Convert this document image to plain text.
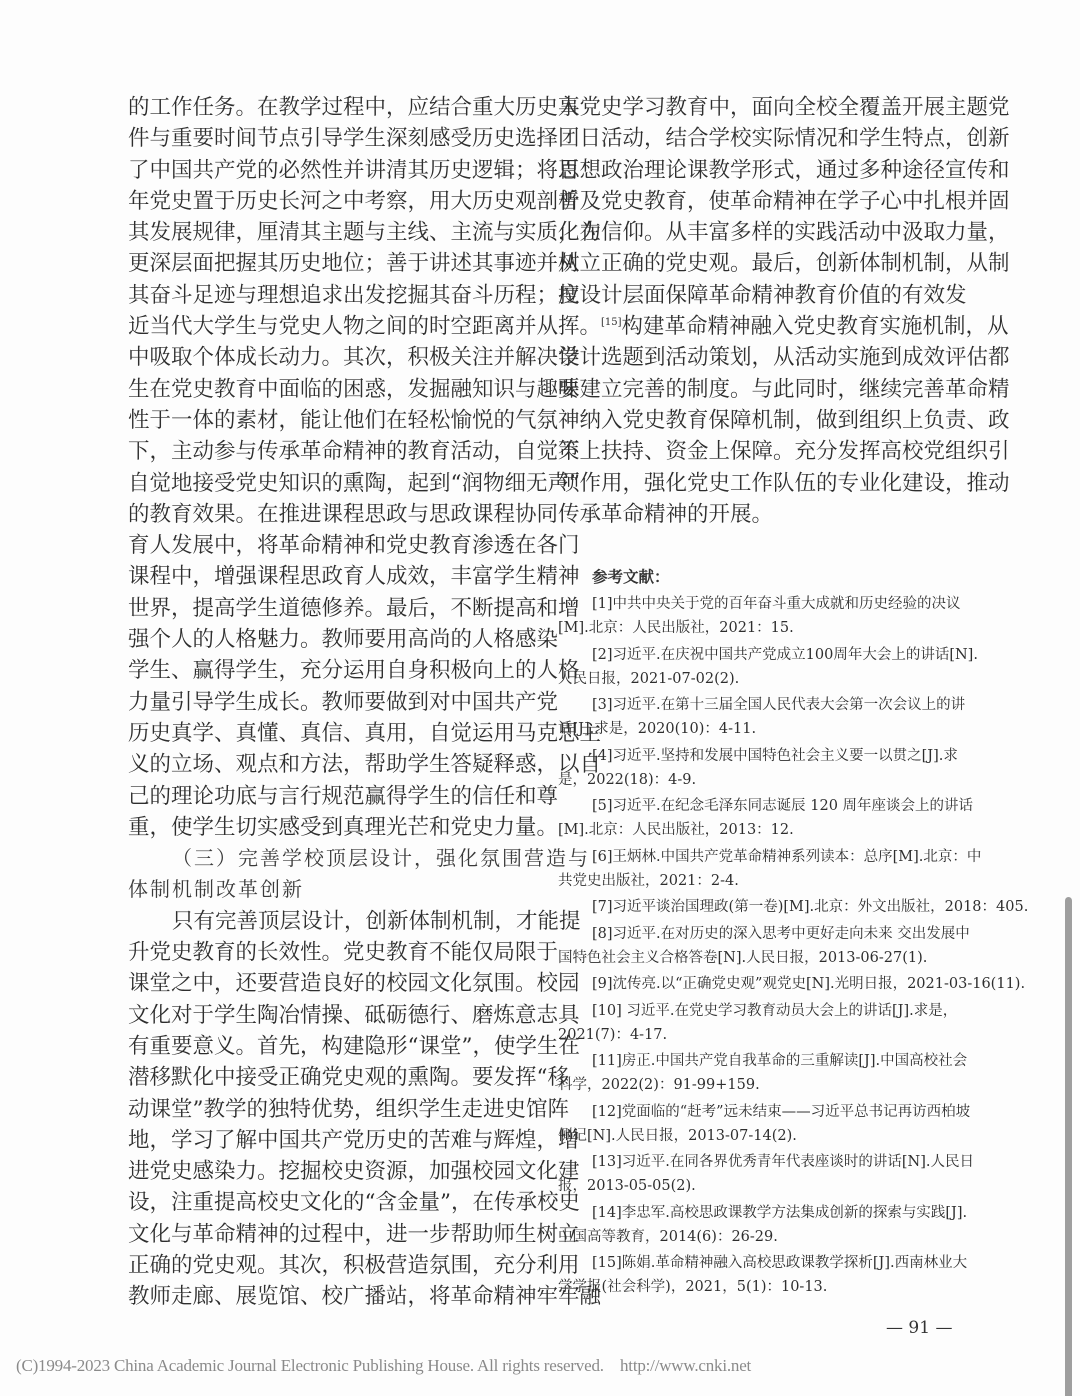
的工作任务。在教学过程中，应结合重大历史事
件与重要时间节点引导学生深刻感受历史选择
了中国共产党的必然性并讲清其历史逻辑；将百
年党史置于历史长河之中考察，用大历史观剖析
其发展规律，厘清其主题与主线、主流与实质，在
更深层面把握其历史地位；善于讲述其事迹并从
其奋斗足迹与理想追求出发挖掘其奋斗历程；拉
近当代大学生与党史人物之间的时空距离并从
中吸取个体成长动力。其次，积极关注并解决学
生在党史教育中面临的困惑，发掘融知识与趣味
性于一体的素材，能让他们在轻松愉悦的气氛
下，主动参与传承革命精神的教育活动，自觉不
自觉地接受党史知识的熏陶，起到“润物细无声”
的教育效果。在推进课程思政与思政课程协同
育人发展中，将革命精神和党史教育渗透在各门
课程中，增强课程思政育人成效，丰富学生精神
世界，提高学生道德修养。最后，不断提高和增
强个人的人格魅力。教师要用高尚的人格感染
学生、赢得学生，充分运用自身积极向上的人格
力量引导学生成长。教师要做到对中国共产党
历史真学、真懂、真信、真用，自觉运用马克思主
义的立场、观点和方法，帮助学生答疑释惑，以自
己的理论功底与言行规范赢得学生的信任和尊
重，使学生切实感受到真理光芒和党史力量。
（三）完善学校顶层设计，强化氛围营造与
体制机制改革创新
只有完善顶层设计，创新体制机制，才能提
升党史教育的长效性。党史教育不能仅局限于
课堂之中，还要营造良好的校园文化氛围。校园
文化对于学生陶冶情操、砥砺德行、磨炼意志具
有重要意义。首先，构建隐形“课堂”，使学生在
潜移默化中接受正确党史观的熏陶。要发挥“移
动课堂”教学的独特优势，组织学生走进史馆阵
地，学习了解中国共产党历史的苦难与辉煌，增
进党史感染力。挖掘校史资源，加强校园文化建
设，注重提高校史文化的“含金量”，在传承校史
文化与革命精神的过程中，进一步帮助师生树立
正确的党史观。其次，积极营造氛围，充分利用
教师走廊、展览馆、校广播站，将革命精神牢牢融
入党史学习教育中，面向全校全覆盖开展主题党
团日活动，结合学校实际情况和学生特点，创新
思想政治理论课教学形式，通过多种途径宣传和
普及党史教育，使革命精神在学子心中扎根并固
化为信仰。从丰富多样的实践活动中汲取力量，
树立正确的党史观。最后，创新体制机制，从制
度设计层面保障革命精神教育价值的有效发
挥。[15]构建革命精神融入党史教育实施机制，从
设计选题到活动策划，从活动实施到成效评估都
要建立完善的制度。与此同时，继续完善革命精
神纳入党史教育保障机制，做到组织上负责、政
策上扶持、资金上保障。充分发挥高校党组织引
领作用，强化党史工作队伍的专业化建设，推动
传承革命精神的开展。
参考文献：
[1]中共中央关于党的百年奋斗重大成就和历史经验的决议
[M].北京：人民出版社，2021：15.
[2]习近平.在庆祝中国共产党成立100周年大会上的讲话[N].
人民日报，2021-07-02(2).
[3]习近平.在第十三届全国人民代表大会第一次会议上的讲
话[J].求是，2020(10)：4-11.
[4]习近平.坚持和发展中国特色社会主义要一以贯之[J].求
是，2022(18)：4-9.
[5]习近平.在纪念毛泽东同志诞辰 120 周年座谈会上的讲话
[M].北京：人民出版社，2013：12.
[6]王炳林.中国共产党革命精神系列读本：总序[M].北京：中
共党史出版社，2021：2-4.
[7]习近平谈治国理政(第一卷)[M].北京：外文出版社，2018：405.
[8]习近平.在对历史的深入思考中更好走向未来 交出发展中
国特色社会主义合格答卷[N].人民日报，2013-06-27(1).
[9]沈传亮.以“正确党史观”观党史[N].光明日报，2021-03-16(11).
[10] 习近平.在党史学习教育动员大会上的讲话[J].求是，
2021(7)：4-17.
[11]房正.中国共产党自我革命的三重解读[J].中国高校社会
科学，2022(2)：91-99+159.
[12]党面临的“赶考”远未结束——习近平总书记再访西柏坡
侧记[N].人民日报，2013-07-14(2).
[13]习近平.在同各界优秀青年代表座谈时的讲话[N].人民日
报，2013-05-05(2).
[14]李忠军.高校思政课教学方法集成创新的探索与实践[J].
中国高等教育，2014(6)：26-29.
[15]陈娟.革命精神融入高校思政课教学探析[J].西南林业大
学学报(社会科学)，2021，5(1)：10-13.
— 91 —
(C)1994-2023 China Academic Journal Electronic Publishing House. All rights reserved.    http://www.cnki.net
